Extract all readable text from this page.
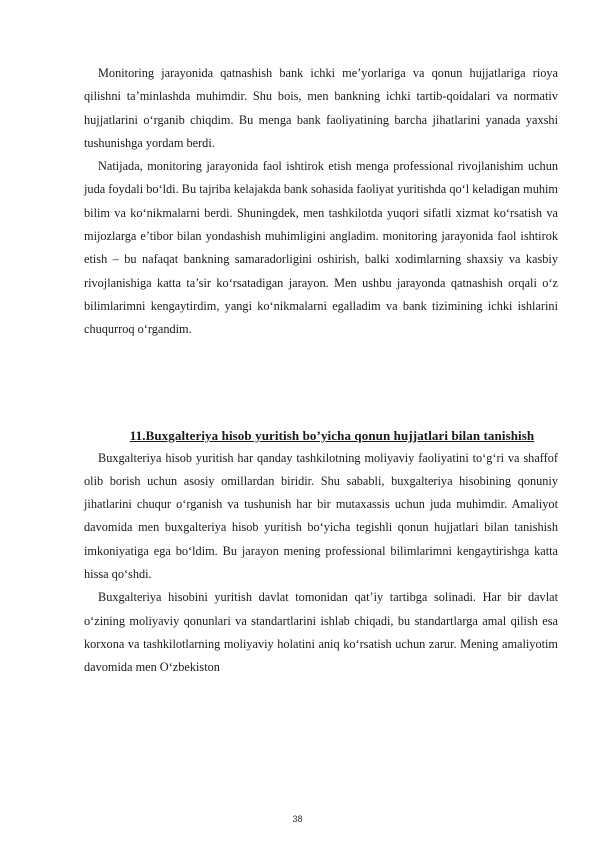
Monitoring jarayonida qatnashish bank ichki me’yorlariga va qonun hujjatlariga rioya qilishni ta’minlashda muhimdir. Shu bois, men bankning ichki tartib-qoidalari va normativ hujjatlarini o‘rganib chiqdim. Bu menga bank faoliyatining barcha jihatlarini yanada yaxshi tushunishga yordam berdi.

Natijada, monitoring jarayonida faol ishtirok etish menga professional rivojlanishim uchun juda foydali bo‘ldi. Bu tajriba kelajakda bank sohasida faoliyat yuritishda qo‘l keladigan muhim bilim va ko‘nikmalarni berdi. Shuningdek, men tashkilotda yuqori sifatli xizmat ko‘rsatish va mijozlarga e’tibor bilan yondashish muhimligini angladim. monitoring jarayonida faol ishtirok etish – bu nafaqat bankning samaradorligini oshirish, balki xodimlarning shaxsiy va kasbiy rivojlanishiga katta ta’sir ko‘rsatadigan jarayon. Men ushbu jarayonda qatnashish orqali o‘z bilimlarimni kengaytirdim, yangi ko‘nikmalarni egalladim va bank tizimining ichki ishlarini chuqurroq o‘rgandim.

11.Buxgalteriya hisob yuritish bo’yicha qonun hujjatlari bilan tanishish

Buxgalteriya hisob yuritish har qanday tashkilotning moliyaviy faoliyatini to‘g‘ri va shaffof olib borish uchun asosiy omillardan biridir. Shu sababli, buxgalteriya hisobining qonuniy jihatlarini chuqur o‘rganish va tushunish har bir mutaxassis uchun juda muhimdir. Amaliyot davomida men buxgalteriya hisob yuritish bo‘yicha tegishli qonun hujjatlari bilan tanishish imkoniyatiga ega bo‘ldim. Bu jarayon mening professional bilimlarimni kengaytirishga katta hissa qo‘shdi.

Buxgalteriya hisobini yuritish davlat tomonidan qat’iy tartibga solinadi. Har bir davlat o‘zining moliyaviy qonunlari va standartlarini ishlab chiqadi, bu standartlarga amal qilish esa korxona va tashkilotlarning moliyaviy holatini aniq ko‘rsatish uchun zarur. Mening amaliyotim davomida men O‘zbekiston

38
